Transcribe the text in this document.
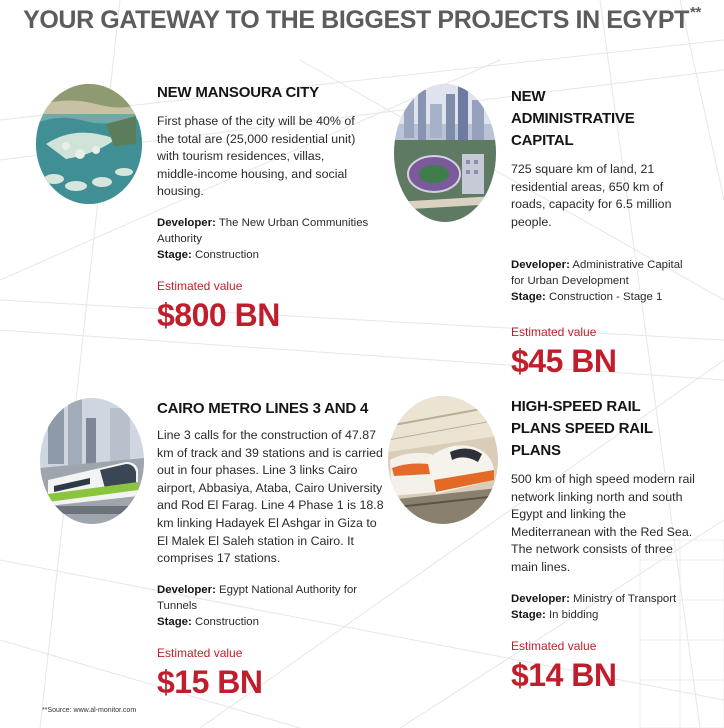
YOUR GATEWAY TO THE BIGGEST PROJECTS IN EGYPT**
NEW MANSOURA CITY
First phase of the city will be 40% of the total are (25,000 residential unit) with tourism residences, villas, middle-income housing, and social housing.
Developer: The New Urban Communities Authority
Stage: Construction
Estimated value
$800 BN
NEW ADMINISTRATIVE CAPITAL
725 square km of land, 21 residential areas, 650 km of roads, capacity for 6.5 million people.
Developer: Administrative Capital for Urban Development
Stage: Construction - Stage 1
Estimated value
$45 BN
CAIRO METRO LINES 3 AND 4
Line 3 calls for the construction of 47.87 km of track and 39 stations and is carried out in four phases. Line 3 links Cairo airport, Abbasiya, Ataba, Cairo University and Rod El Farag. Line 4 Phase 1 is 18.8 km linking Hadayek El Ashgar in Giza to El Malek El Saleh station in Cairo. It comprises 17 stations.
Developer: Egypt National Authority for Tunnels
Stage: Construction
Estimated value
$15 BN
HIGH-SPEED RAIL PLANS SPEED RAIL PLANS
500 km of high speed modern rail network linking north and south Egypt and linking the Mediterranean with the Red Sea. The network consists of three main lines.
Developer: Ministry of Transport
Stage: In bidding
Estimated value
$14 BN
**Source: www.al-monitor.com
